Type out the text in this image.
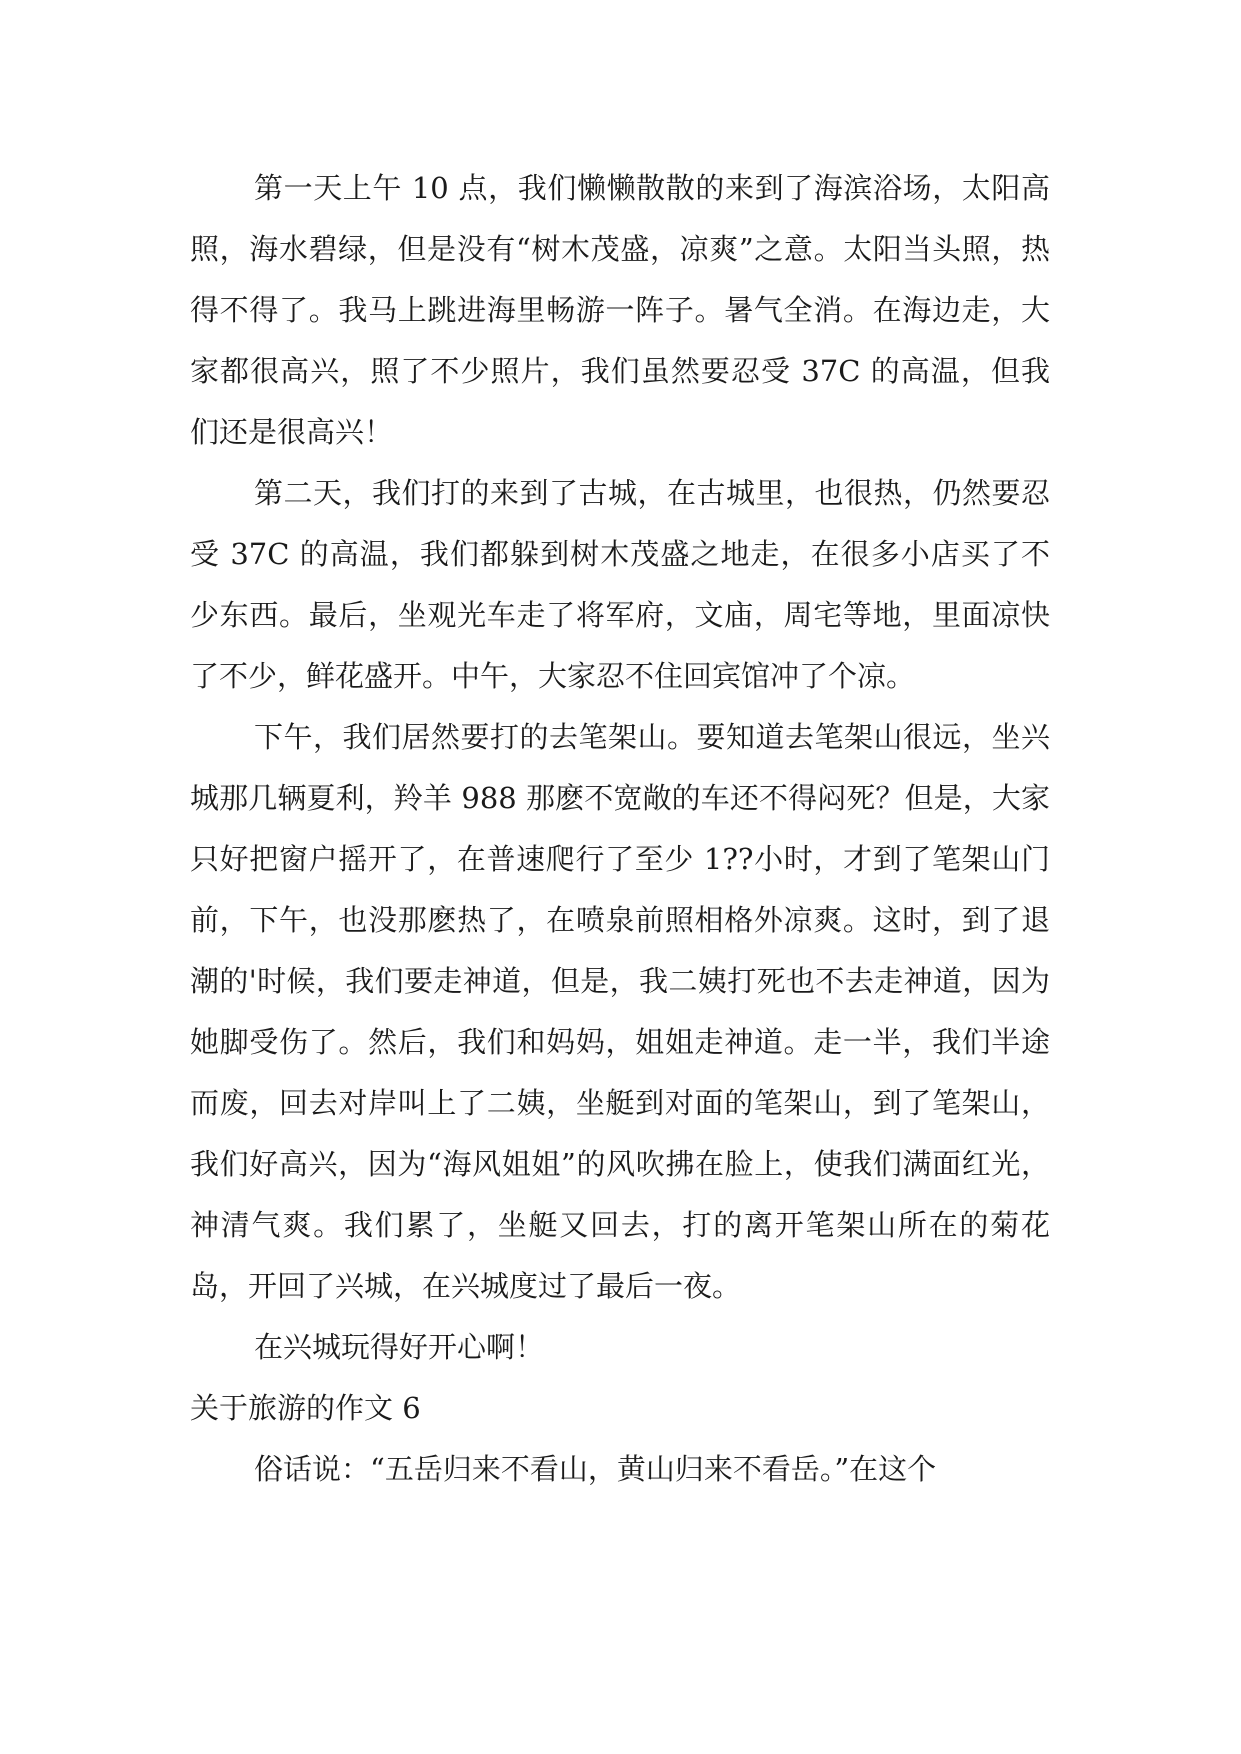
第一天上午 10 点，我们懒懒散散的来到了海滨浴场，太阳高照，海水碧绿，但是没有“树木茂盛，凉爽”之意。太阳当头照，热得不得了。我马上跳进海里畅游一阵子。暑气全消。在海边走，大家都很高兴，照了不少照片，我们虽然要忍受 37C 的高温，但我们还是很高兴！

第二天，我们打的来到了古城，在古城里，也很热，仍然要忍受 37C 的高温，我们都躲到树木茂盛之地走，在很多小店买了不少东西。最后，坐观光车走了将军府，文庙，周宅等地，里面凉快了不少，鲜花盛开。中午，大家忍不住回宾馆冲了个凉。

下午，我们居然要打的去笔架山。要知道去笔架山很远，坐兴城那几辆夏利，羚羊 988 那麽不宽敞的车还不得闷死？但是，大家只好把窗户摇开了，在普速爬行了至少 1??小时，才到了笔架山门前，下午，也没那麽热了，在喷泉前照相格外凉爽。这时，到了退潮的'时候，我们要走神道，但是，我二姨打死也不去走神道，因为她脚受伤了。然后，我们和妈妈，姐姐走神道。走一半，我们半途而废，回去对岸叫上了二姨，坐艇到对面的笔架山，到了笔架山，我们好高兴，因为“海风姐姐”的风吹拂在脸上，使我们满面红光，神清气爽。我们累了，坐艇又回去，打的离开笔架山所在的菊花岛，开回了兴城，在兴城度过了最后一夜。

在兴城玩得好开心啊！

关于旅游的作文 6

俗话说：“五岳归来不看山，黄山归来不看岳。”在这个
